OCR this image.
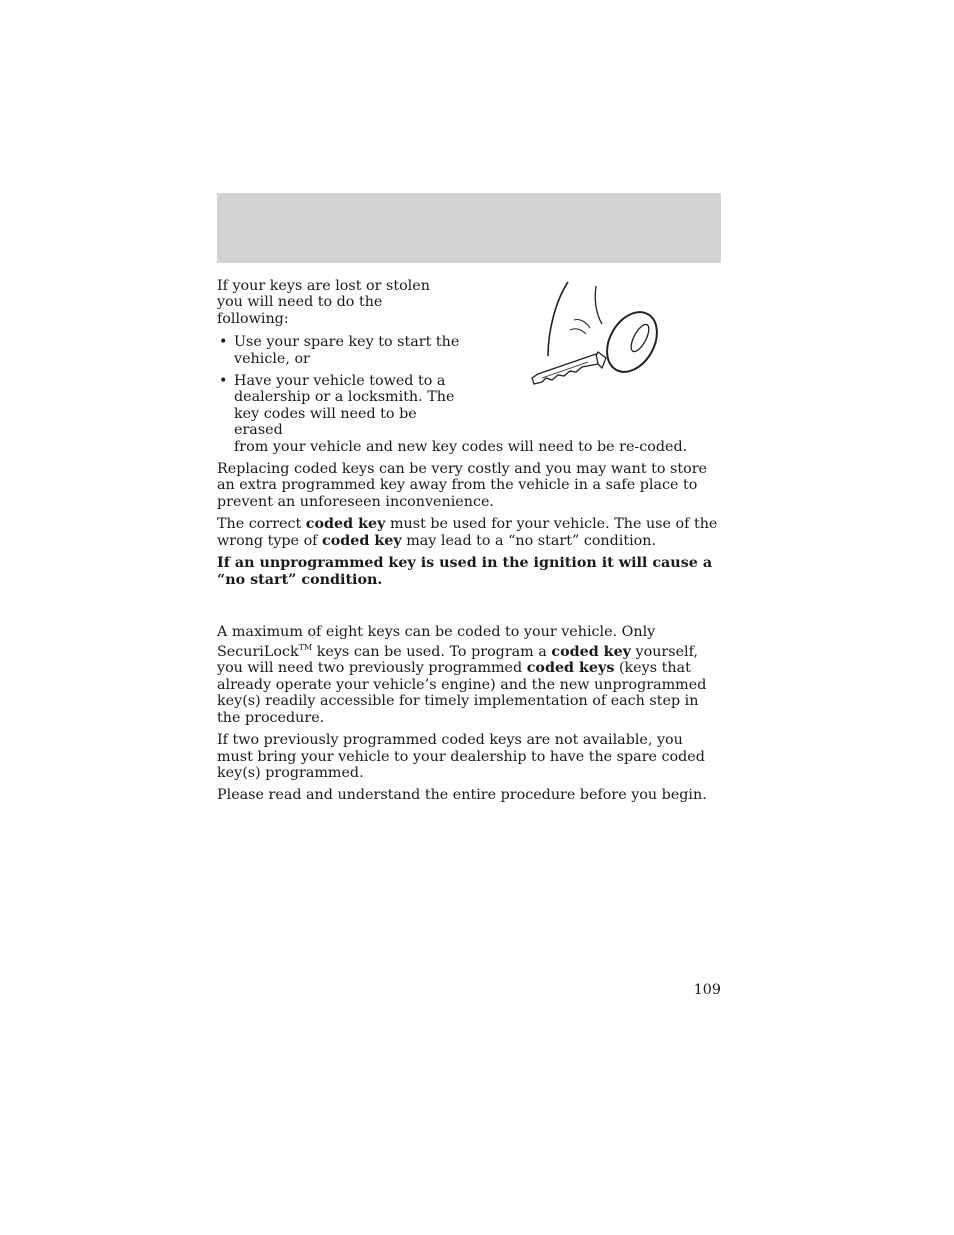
If your keys are lost or stolen you will need to do the following:

• Use your spare key to start the vehicle, or
• Have your vehicle towed to a dealership or a locksmith. The key codes will need to be erased
from your vehicle and new key codes will need to be re-coded.

Replacing coded keys can be very costly and you may want to store an extra programmed key away from the vehicle in a safe place to prevent an unforeseen inconvenience.

The correct coded key must be used for your vehicle. The use of the wrong type of coded key may lead to a “no start” condition.

If an unprogrammed key is used in the ignition it will cause a “no start” condition.

A maximum of eight keys can be coded to your vehicle. Only SecuriLock™ keys can be used. To program a coded key yourself, you will need two previously programmed coded keys (keys that already operate your vehicle’s engine) and the new unprogrammed key(s) readily accessible for timely implementation of each step in the procedure.

If two previously programmed coded keys are not available, you must bring your vehicle to your dealership to have the spare coded key(s) programmed.

Please read and understand the entire procedure before you begin.

109
